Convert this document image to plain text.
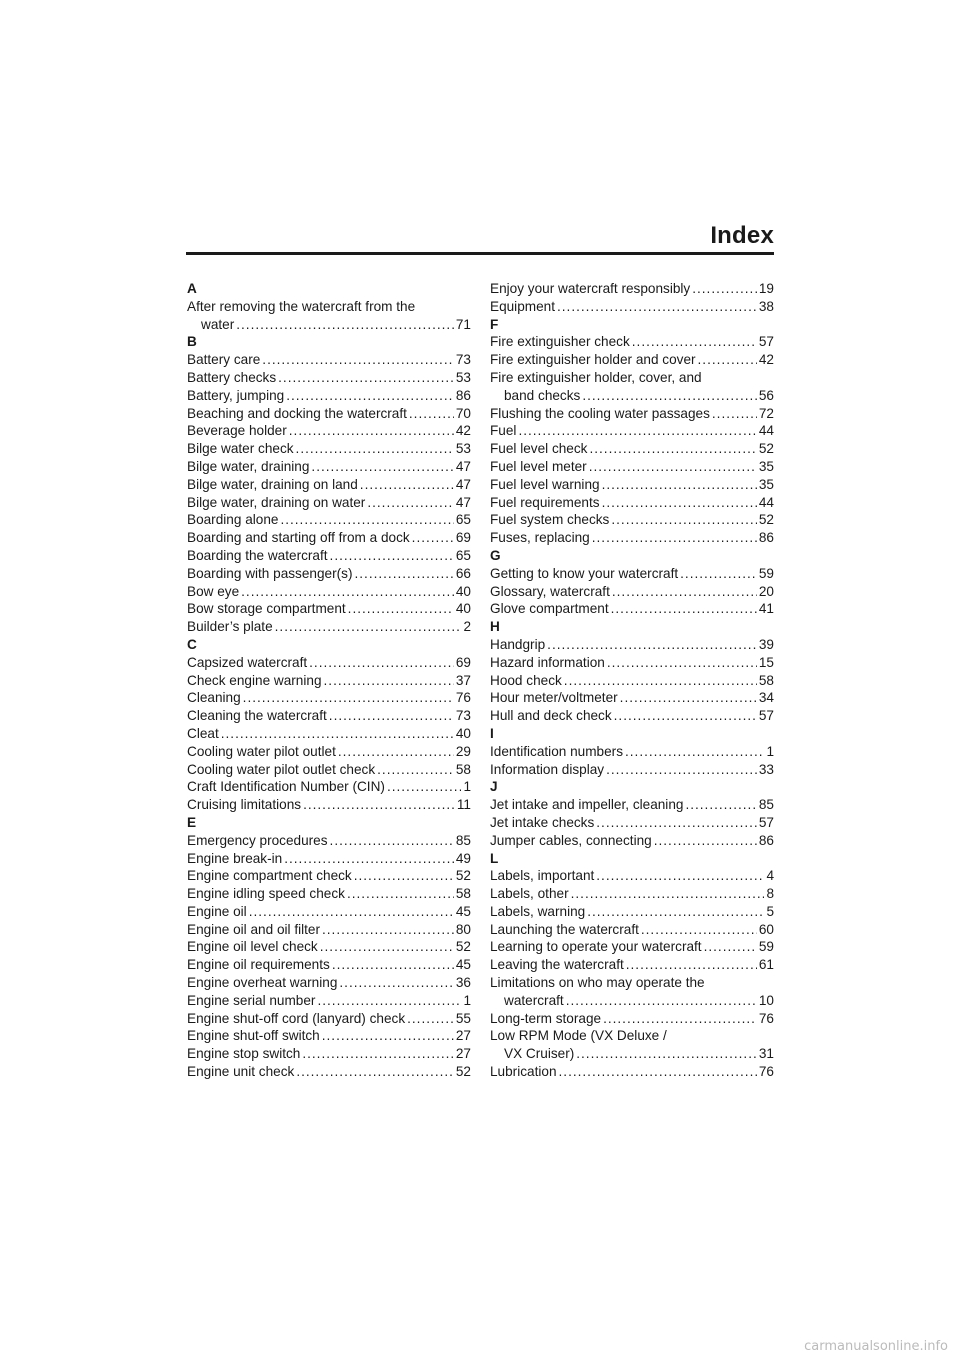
Index
A
After removing the watercraft from the
water .....	71
B
Battery care .....	73
Battery checks .....	53
Battery, jumping .....	86
Beaching and docking the watercraft .....	70
Beverage holder .....	42
Bilge water check .....	53
Bilge water, draining .....	47
Bilge water, draining on land .....	47
Bilge water, draining on water .....	47
Boarding alone .....	65
Boarding and starting off from a dock .....	69
Boarding the watercraft .....	65
Boarding with passenger(s) .....	66
Bow eye .....	40
Bow storage compartment .....	40
Builder’s plate .....	2
C
Capsized watercraft .....	69
Check engine warning .....	37
Cleaning .....	76
Cleaning the watercraft .....	73
Cleat .....	40
Cooling water pilot outlet .....	29
Cooling water pilot outlet check .....	58
Craft Identification Number (CIN) .....	1
Cruising limitations .....	11
E
Emergency procedures .....	85
Engine break-in .....	49
Engine compartment check .....	52
Engine idling speed check .....	58
Engine oil .....	45
Engine oil and oil filter .....	80
Engine oil level check .....	52
Engine oil requirements .....	45
Engine overheat warning .....	36
Engine serial number .....	1
Engine shut-off cord (lanyard) check .....	55
Engine shut-off switch .....	27
Engine stop switch .....	27
Engine unit check .....	52
Enjoy your watercraft responsibly .....	19
Equipment .....	38
F
Fire extinguisher check .....	57
Fire extinguisher holder and cover .....	42
Fire extinguisher holder, cover, and
band checks .....	56
Flushing the cooling water passages .....	72
Fuel .....	44
Fuel level check .....	52
Fuel level meter .....	35
Fuel level warning .....	35
Fuel requirements .....	44
Fuel system checks .....	52
Fuses, replacing .....	86
G
Getting to know your watercraft .....	59
Glossary, watercraft .....	20
Glove compartment .....	41
H
Handgrip .....	39
Hazard information .....	15
Hood check .....	58
Hour meter/voltmeter .....	34
Hull and deck check .....	57
I
Identification numbers .....	1
Information display .....	33
J
Jet intake and impeller, cleaning .....	85
Jet intake checks .....	57
Jumper cables, connecting .....	86
L
Labels, important .....	4
Labels, other .....	8
Labels, warning .....	5
Launching the watercraft .....	60
Learning to operate your watercraft .....	59
Leaving the watercraft .....	61
Limitations on who may operate the
watercraft .....	10
Long-term storage .....	76
Low RPM Mode (VX Deluxe /
VX Cruiser) .....	31
Lubrication .....	76
carmanualsonline.info
